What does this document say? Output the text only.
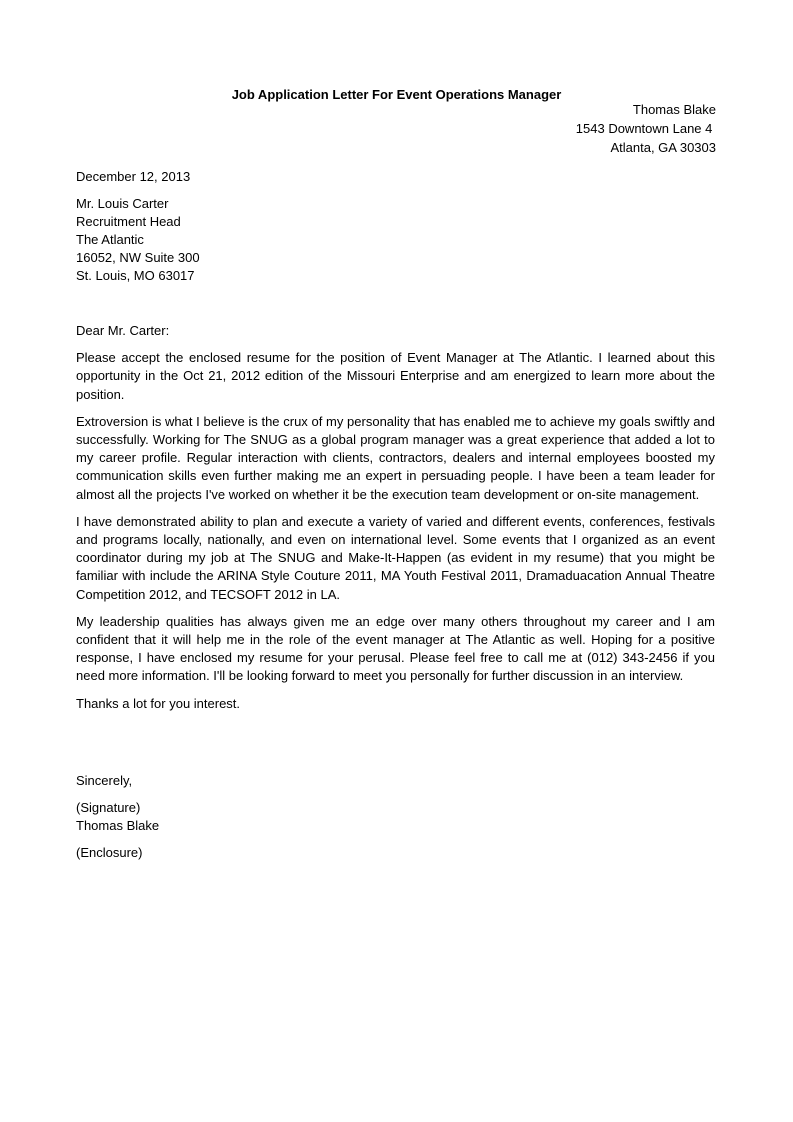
Job Application Letter For Event Operations Manager
Thomas Blake
1543 Downtown Lane 4
Atlanta, GA 30303
December 12, 2013
Mr. Louis Carter
Recruitment Head
The Atlantic
16052, NW Suite 300
St. Louis, MO 63017

Dear Mr. Carter:

Please accept the enclosed resume for the position of Event Manager at The Atlantic. I learned about this opportunity in the Oct 21, 2012 edition of the Missouri Enterprise and am energized to learn more about the position.

Extroversion is what I believe is the crux of my personality that has enabled me to achieve my goals swiftly and successfully. Working for The SNUG as a global program manager was a great experience that added a lot to my career profile. Regular interaction with clients, contractors, dealers and internal employees boosted my communication skills even further making me an expert in persuading people. I have been a team leader for almost all the projects I've worked on whether it be the execution team development or on-site management.

I have demonstrated ability to plan and execute a variety of varied and different events, conferences, festivals and programs locally, nationally, and even on international level. Some events that I organized as an event coordinator during my job at The SNUG and Make-It-Happen (as evident in my resume) that you might be familiar with include the ARINA Style Couture 2011, MA Youth Festival 2011, Dramaduacation Annual Theatre Competition 2012, and TECSOFT 2012 in LA.

My leadership qualities has always given me an edge over many others throughout my career and I am confident that it will help me in the role of the event manager at The Atlantic as well. Hoping for a positive response, I have enclosed my resume for your perusal. Please feel free to call me at (012) 343-2456 if you need more information. I'll be looking forward to meet you personally for further discussion in an interview.

Thanks a lot for you interest.

Sincerely,
(Signature)
Thomas Blake
(Enclosure)
